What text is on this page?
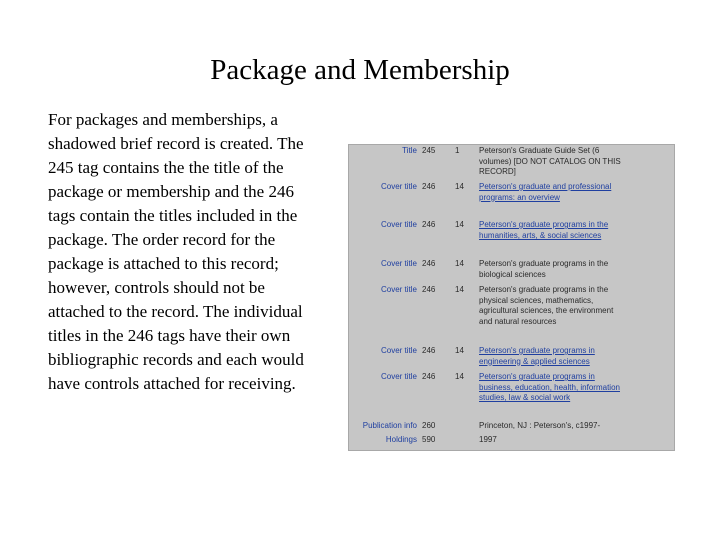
Package and Membership
For packages and memberships, a shadowed brief record is created. The 245 tag contains the the title of the package or membership and the 246 tags contain the titles included in the package. The order record for the package is attached to this record; however, controls should not be attached to the record. The individual titles in the 246 tags have their own bibliographic records and each would have controls attached for receiving.
Title 245	1	Peterson's Graduate Guide Set (6 volumes) [DO NOT CATALOG ON THIS RECORD]
Cover title 246	14	Peterson's graduate and professional programs: an overview
Cover title 246	14	Peterson's graduate programs in the humanities, arts, & social sciences
Cover title 246	14	Peterson's graduate programs in the biological sciences
Cover title 246	14	Peterson's graduate programs in the physical sciences, mathematics, agricultural sciences, the environment and natural resources
Cover title 246	14	Peterson's graduate programs in engineering & applied sciences
Cover title 246	14	Peterson's graduate programs in business, education, health, information studies, law & social work
Publication info 260	Princeton, NJ : Peterson's, c1997-
Holdings 590	1997
